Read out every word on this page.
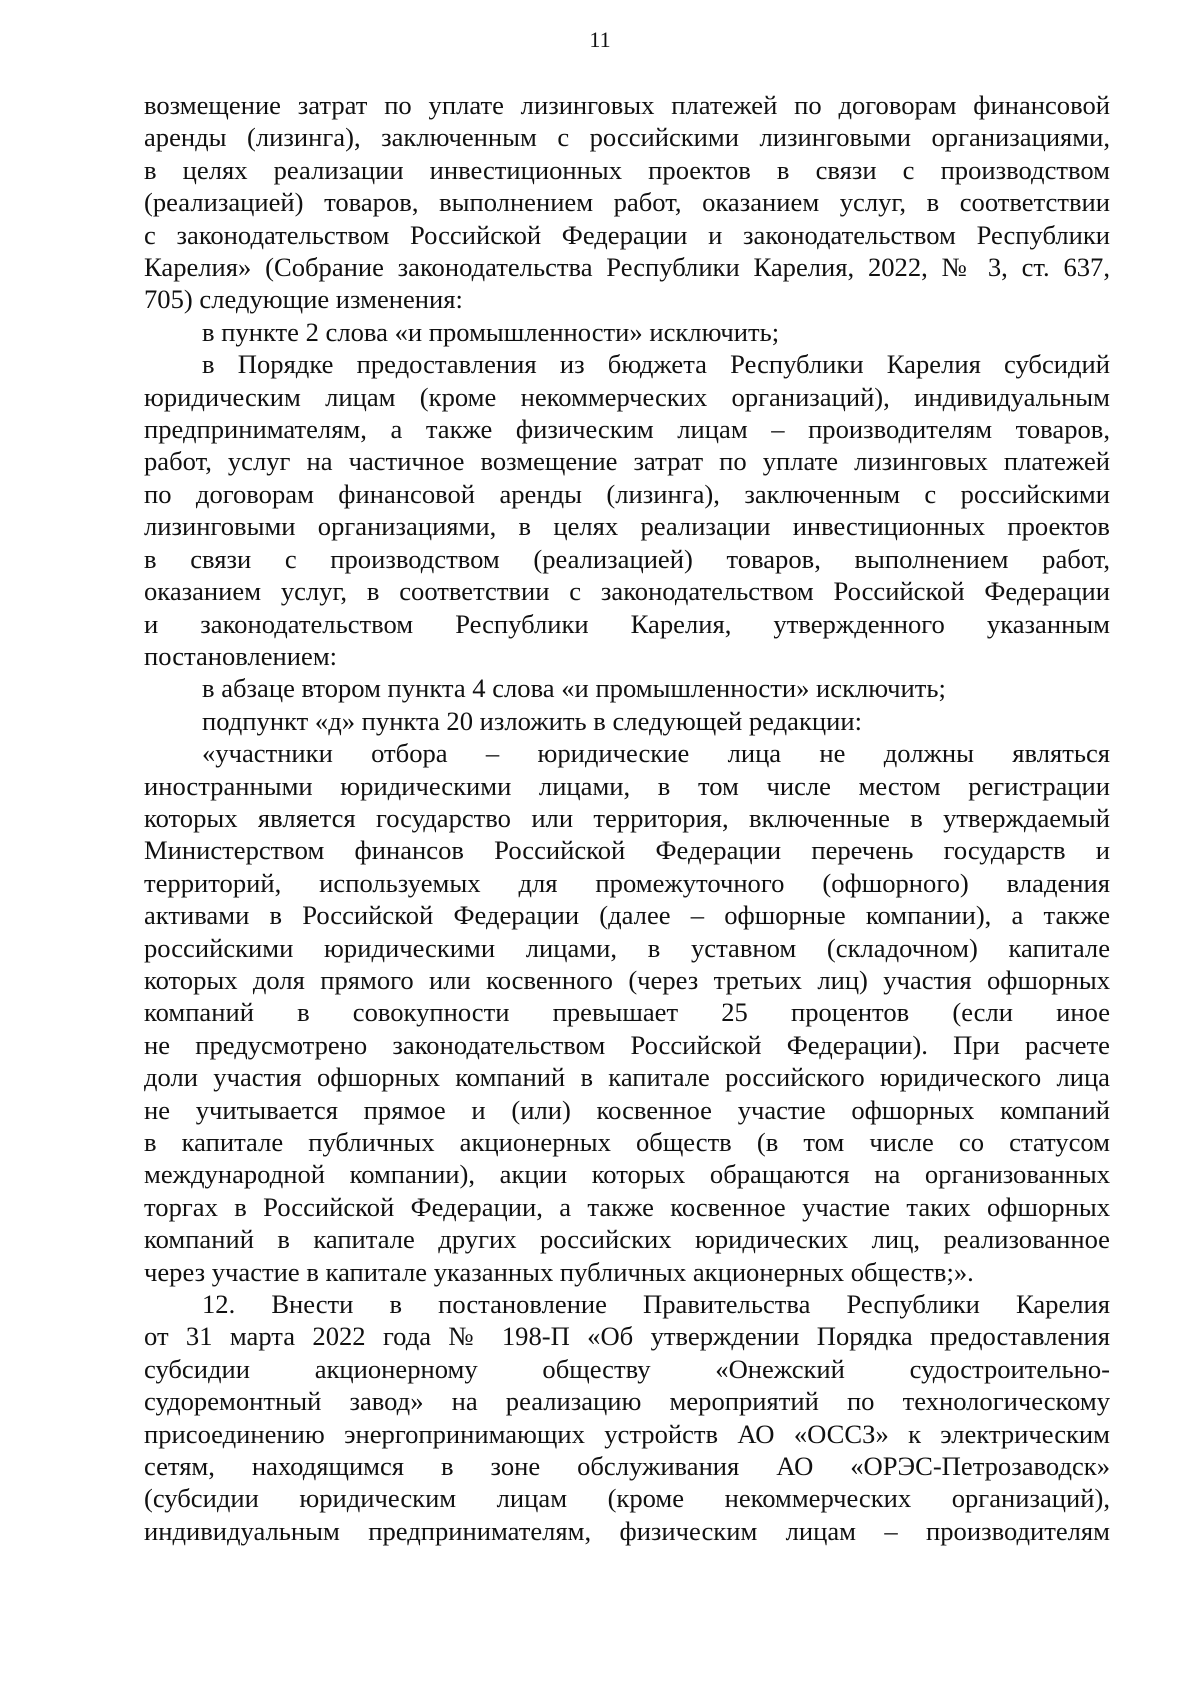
11

возмещение затрат по уплате лизинговых платежей по договорам финансовой

аренды (лизинга), заключенным с российскими лизинговыми организациями,

в целях реализации инвестиционных проектов в связи с производством

(реализацией) товаров, выполнением работ, оказанием услуг, в соответствии

с законодательством Российской Федерации и законодательством Республики

Карелия» (Собрание законодательства Республики Карелия, 2022, № 3, ст. 637,

705) следующие изменения:

в пункте 2 слова «и промышленности» исключить;

в Порядке предоставления из бюджета Республики Карелия субсидий

юридическим лицам (кроме некоммерческих организаций), индивидуальным

предпринимателям, а также физическим лицам – производителям товаров,

работ, услуг на частичное возмещение затрат по уплате лизинговых платежей

по договорам финансовой аренды (лизинга), заключенным с российскими

лизинговыми организациями, в целях реализации инвестиционных проектов

в связи с производством (реализацией) товаров, выполнением работ,

оказанием услуг, в соответствии с законодательством Российской Федерации

и законодательством Республики Карелия, утвержденного указанным

постановлением:

в абзаце втором пункта 4 слова «и промышленности» исключить;

подпункт «д» пункта 20 изложить в следующей редакции:

«участники отбора – юридические лица не должны являться

иностранными юридическими лицами, в том числе местом регистрации

которых является государство или территория, включенные в утверждаемый

Министерством финансов Российской Федерации перечень государств и

территорий, используемых для промежуточного (офшорного) владения

активами в Российской Федерации (далее – офшорные компании), а также

российскими юридическими лицами, в уставном (складочном) капитале

которых доля прямого или косвенного (через третьих лиц) участия офшорных

компаний в совокупности превышает 25 процентов (если иное

не предусмотрено законодательством Российской Федерации). При расчете

доли участия офшорных компаний в капитале российского юридического лица

не учитывается прямое и (или) косвенное участие офшорных компаний

в капитале публичных акционерных обществ (в том числе со статусом

международной компании), акции которых обращаются на организованных

торгах в Российской Федерации, а также косвенное участие таких офшорных

компаний в капитале других российских юридических лиц, реализованное

через участие в капитале указанных публичных акционерных обществ;».

12. Внести в постановление Правительства Республики Карелия

от 31 марта 2022 года № 198-П «Об утверждении Порядка предоставления

субсидии акционерному обществу «Онежский судостроительно-

судоремонтный завод» на реализацию мероприятий по технологическому

присоединению энергопринимающих устройств АО «ОССЗ» к электрическим

сетям, находящимся в зоне обслуживания АО «ОРЭС-Петрозаводск»

(субсидии юридическим лицам (кроме некоммерческих организаций),

индивидуальным предпринимателям, физическим лицам – производителям
